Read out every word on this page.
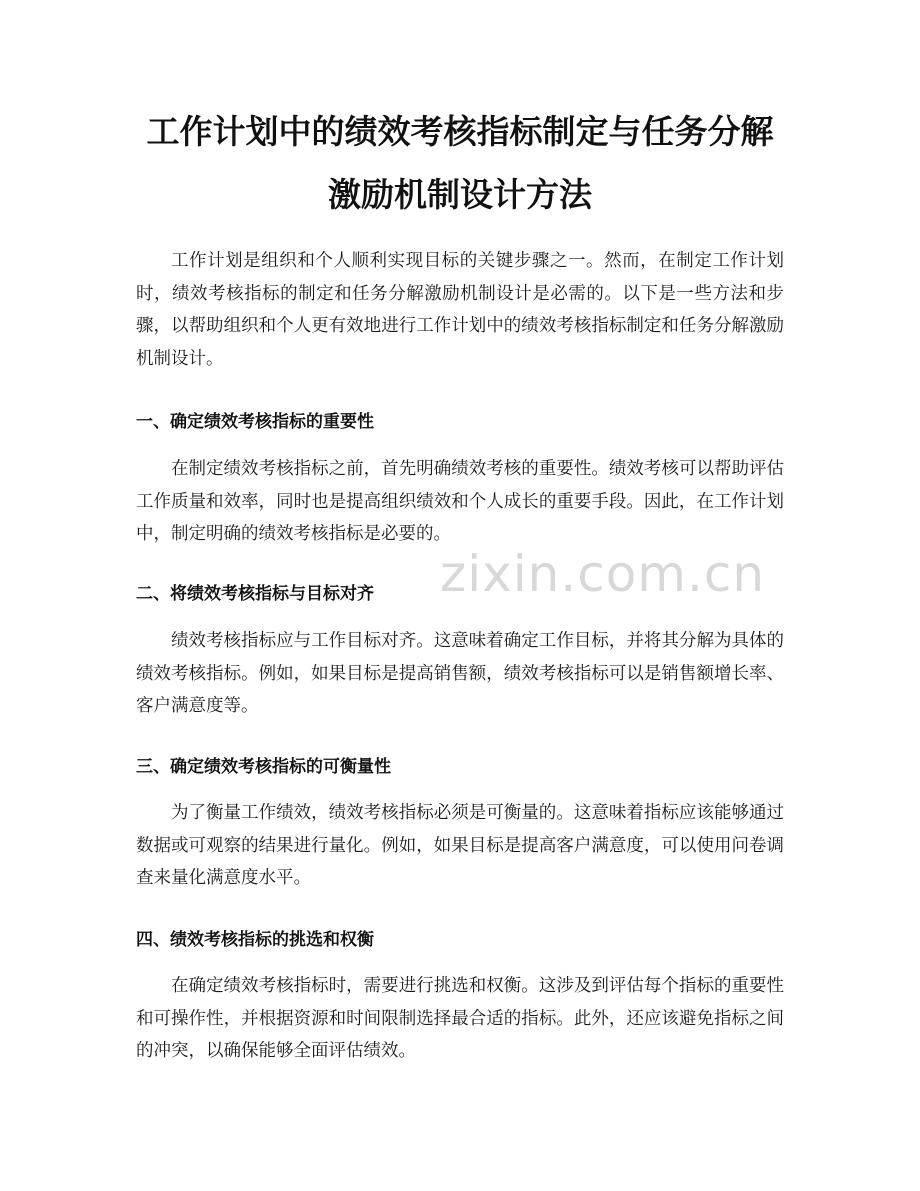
工作计划中的绩效考核指标制定与任务分解
激励机制设计方法

工作计划是组织和个人顺利实现目标的关键步骤之一。然而，在制定工作计划时，绩效考核指标的制定和任务分解激励机制设计是必需的。以下是一些方法和步骤，以帮助组织和个人更有效地进行工作计划中的绩效考核指标制定和任务分解激励机制设计。

一、确定绩效考核指标的重要性

在制定绩效考核指标之前，首先明确绩效考核的重要性。绩效考核可以帮助评估工作质量和效率，同时也是提高组织绩效和个人成长的重要手段。因此，在工作计划中，制定明确的绩效考核指标是必要的。

二、将绩效考核指标与目标对齐

绩效考核指标应与工作目标对齐。这意味着确定工作目标，并将其分解为具体的绩效考核指标。例如，如果目标是提高销售额，绩效考核指标可以是销售额增长率、客户满意度等。

三、确定绩效考核指标的可衡量性

为了衡量工作绩效，绩效考核指标必须是可衡量的。这意味着指标应该能够通过数据或可观察的结果进行量化。例如，如果目标是提高客户满意度，可以使用问卷调查来量化满意度水平。

四、绩效考核指标的挑选和权衡

在确定绩效考核指标时，需要进行挑选和权衡。这涉及到评估每个指标的重要性和可操作性，并根据资源和时间限制选择最合适的指标。此外，还应该避免指标之间的冲突，以确保能够全面评估绩效。

zixin.com.cn
